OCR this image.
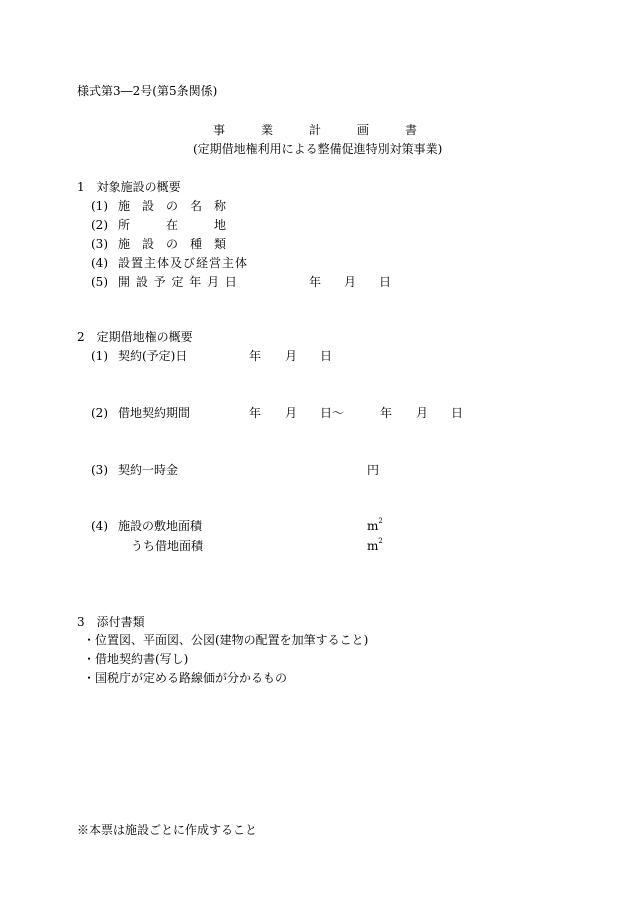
様式第3―2号(第5条関係)
事	業	計	画	書
(定期借地権利用による整備促進特別対策事業)
1　対象施設の概要
(1) 施　設　の　名　称
(2) 所　　　在　　　地
(3) 施　設　の　種　類
(4) 設置主体及び経営主体
(5) 開 設 予 定 年 月 日	年 月 日
2　定期借地権の概要
(1) 契約(予定)日	年 月 日
(2) 借地契約期間	年 月 日～	年 月 日
(3) 契約一時金	円
(4) 施設の敷地面積	$m^2$
うち借地面積	$m^2$
3　添付書類
・位置図、平面図、公図(建物の配置を加筆すること)
・借地契約書(写し)
・国税庁が定める路線価が分かるもの
※本票は施設ごとに作成すること
